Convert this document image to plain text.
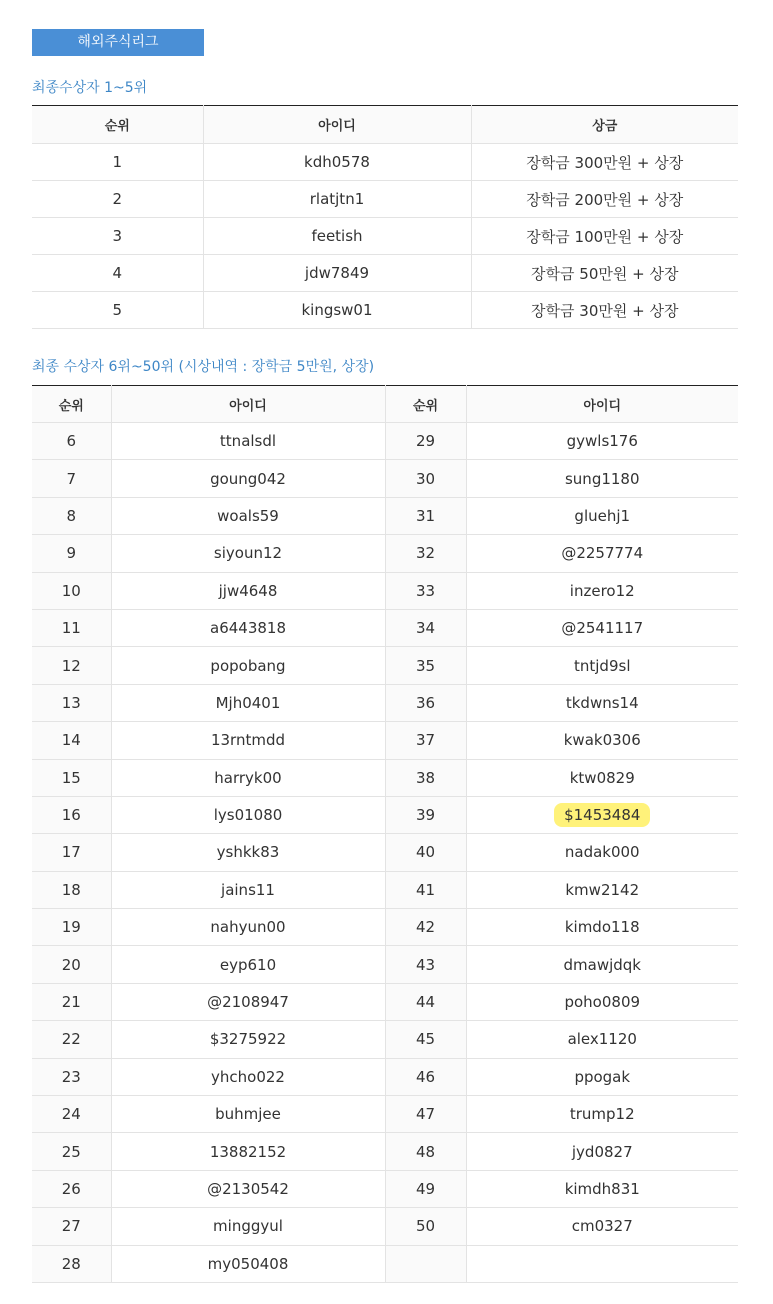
해외주식리그
최종수상자 1~5위
순위	아이디	상금
1	kdh0578	장학금 300만원 + 상장
2	rlatjtn1	장학금 200만원 + 상장
3	feetish	장학금 100만원 + 상장
4	jdw7849	장학금 50만원 + 상장
5	kingsw01	장학금 30만원 + 상장
최종 수상자 6위~50위 (시상내역 : 장학금 5만원, 상장)
순위	아이디	순위	아이디
6	ttnalsdl	29	gywls176
7	goung042	30	sung1180
8	woals59	31	gluehj1
9	siyoun12	32	@2257774
10	jjw4648	33	inzero12
11	a6443818	34	@2541117
12	popobang	35	tntjd9sl
13	Mjh0401	36	tkdwns14
14	13rntmdd	37	kwak0306
15	harryk00	38	ktw0829
16	lys01080	39	$1453484
17	yshkk83	40	nadak000
18	jains11	41	kmw2142
19	nahyun00	42	kimdo118
20	eyp610	43	dmawjdqk
21	@2108947	44	poho0809
22	$3275922	45	alex1120
23	yhcho022	46	ppogak
24	buhmjee	47	trump12
25	13882152	48	jyd0827
26	@2130542	49	kimdh831
27	minggyul	50	cm0327
28	my050408		
